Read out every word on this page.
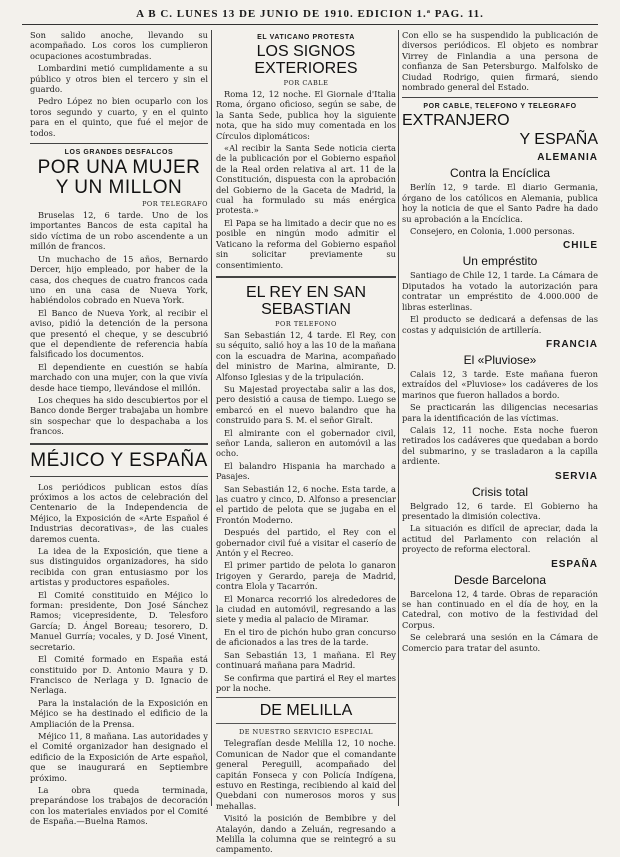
A B C. LUNES 13 DE JUNIO DE 1910. EDICION 1.ª PAG. 11.

Son salido anoche, llevando su acompañado. Los coros los cumplieron ocupaciones acostumbradas.

Lombardini metió cumplidamente a su público y otros bien el tercero y sin el guardo.

Pedro López no bien ocuparlo con los toros segundo y cuarto, y en el quinto para en el quinto, que fué el mejor de todos.

LOS GRANDES DESFALCOS
POR UNA MUJER Y UN MILLON
POR TELEGRAFO

Bruselas 12, 6 tarde. Uno de los importantes Bancos de esta capital ha sido víctima de un robo ascendente a un millón de francos.

Un muchacho de 15 años, Bernardo Dercer, hijo empleado, por haber de la casa, dos cheques de cuatro francos cada uno en una casa de Nueva York, habiéndolos cobrado en Nueva York.

El Banco de Nueva York, al recibir el aviso, pidió la detención de la persona que presentó el cheque, y se descubrió que el dependiente de referencia había falsificado los documentos.

El dependiente en cuestión se había marchado con una mujer, con la que vivía desde hace tiempo, llevándose el millón.

Los cheques ha sido descubiertos por el Banco donde Berger trabajaba un hombre sin sospechar que lo despachaba a los francos.

MÉJICO Y ESPAÑA

Los periódicos publican estos días próximos a los actos de celebración del Centenario de la Independencia de Méjico, la Exposición de «Arte Español é Industrias decorativas», de las cuales daremos cuenta.

La idea de la Exposición, que tiene a sus distinguidos organizadores, ha sido recibida con gran entusiasmo por los artistas y productores españoles.

El Comité constituido en Méjico lo forman: presidente, Don José Sánchez Ramos; vicepresidente, D. Telesforo García; D. Ángel Boreau; tesorero, D. Manuel Gurría; vocales, y D. José Vinent, secretario.

El Comité formado en España está constituido por D. Antonio Maura y D. Francisco de Nerlaga y D. Ignacio de Nerlaga.

Para la instalación de la Exposición en Méjico se ha destinado el edificio de la Ampliación de la Prensa.

Méjico 11, 8 mañana. Las autoridades y el Comité organizador han designado el edificio de la Exposición de Arte español, que se inaugurará en Septiembre próximo.

La obra queda terminada, preparándose los trabajos de decoración con los materiales enviados por el Comité de España.—Buelna Ramos.

EL VATICANO PROTESTA
LOS SIGNOS EXTERIORES
POR CABLE

Roma 12, 12 noche. El Giornale d'Italia Roma, órgano oficioso, según se sabe, de la Santa Sede, publica hoy la siguiente nota, que ha sido muy comentada en los Círculos diplomáticos:

«Al recibir la Santa Sede noticia cierta de la publicación por el Gobierno español de la Real orden relativa al art. 11 de la Constitución, dispuesta con la aprobación del Gobierno de la Gaceta de Madrid, la cual ha formulado su más enérgica protesta.»

El Papa se ha limitado a decir que no es posible en ningún modo admitir el Vaticano la reforma del Gobierno español sin solicitar previamente su consentimiento.

EL REY EN SAN SEBASTIAN
POR TELEFONO

San Sebastián 12, 4 tarde. El Rey, con su séquito, salió hoy a las 10 de la mañana con la escuadra de Marina, acompañado del ministro de Marina, almirante, D. Alfonso Iglesias y de la tripulación.

Su Majestad proyectaba salir a las dos, pero desistió a causa de tiempo. Luego se embarcó en el nuevo balandro que ha construido para S. M. el señor Giralt.

El almirante con el gobernador civil, señor Landa, salieron en automóvil a las ocho.

El balandro Hispania ha marchado a Pasajes.

San Sebastián 12, 6 noche. Esta tarde, a las cuatro y cinco, D. Alfonso a presenciar el partido de pelota que se jugaba en el Frontón Moderno.

Después del partido, el Rey con el gobernador civil fué a visitar el caserío de Antón y el Recreo.

El primer partido de pelota lo ganaron Irigoyen y Gerardo, pareja de Madrid, contra Elola y Tacarrón.

El Monarca recorrió los alrededores de la ciudad en automóvil, regresando a las siete y media al palacio de Miramar.

En el tiro de pichón hubo gran concurso de aficionados a las tres de la tarde.

San Sebastián 13, 1 mañana. El Rey continuará mañana para Madrid.

Se confirma que partirá el Rey el martes por la noche.

DE MELILLA
DE NUESTRO SERVICIO ESPECIAL

Telegrafían desde Melilla 12, 10 noche. Comunican de Nador que el comandante general Pereguill, acompañado del capitán Fonseca y con Policía Indígena, estuvo en Restinga, recibiendo al kaid del Quebdani con numerosos moros y sus mehallas.

Visitó la posición de Bembibre y del Atalayón, dando a Zeluán, regresando a Melilla la columna que se reintegró a su campamento.

Con ello se ha suspendido la publicación de diversos periódicos. El objeto es nombrar Virrey de Finlandia a una persona de confianza de San Petersburgo. Malfolsko de Ciudad Rodrigo, quien firmará, siendo nombrado general del Estado.

POR CABLE, TELEFONO Y TELEGRAFO
EXTRANJERO
Y ESPAÑA
ALEMANIA
Contra la Encíclica

Berlín 12, 9 tarde. El diario Germania, órgano de los católicos en Alemania, publica hoy la noticia de que el Santo Padre ha dado su aprobación a la Encíclica.

Consejero, en Colonia, 1.000 personas.

CHILE
Un empréstito

Santiago de Chile 12, 1 tarde. La Cámara de Diputados ha votado la autorización para contratar un empréstito de 4.000.000 de libras esterlinas.

El producto se dedicará a defensas de las costas y adquisición de artillería.

FRANCIA
El «Pluviose»

Calais 12, 3 tarde. Este mañana fueron extraídos del «Pluviose» los cadáveres de los marinos que fueron hallados a bordo.

Se practicarán las diligencias necesarias para la identificación de las víctimas.

Calais 12, 11 noche. Esta noche fueron retirados los cadáveres que quedaban a bordo del submarino, y se trasladaron a la capilla ardiente.

SERVIA
Crisis total

Belgrado 12, 6 tarde. El Gobierno ha presentado la dimisión colectiva.

La situación es difícil de apreciar, dada la actitud del Parlamento con relación al proyecto de reforma electoral.

ESPAÑA
Desde Barcelona

Barcelona 12, 4 tarde. Obras de reparación se han continuado en el día de hoy, en la Catedral, con motivo de la festividad del Corpus.

Se celebrará una sesión en la Cámara de Comercio para tratar del asunto.
